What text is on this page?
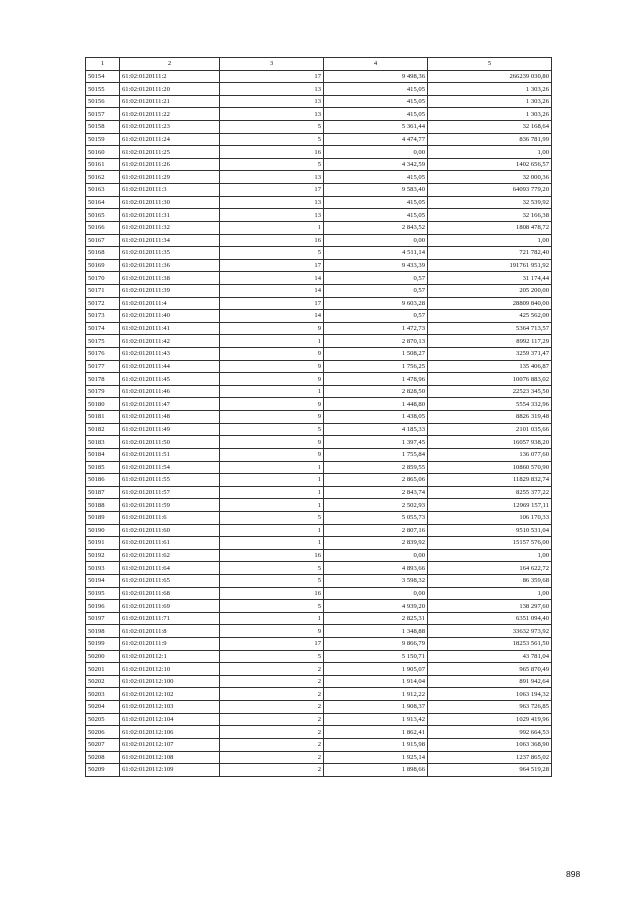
1	2	3	4	5
50154	61:02:0120111:2	17	9 498,36	266239 030,80
50155	61:02:0120111:20	13	415,05	1 303,26
50156	61:02:0120111:21	13	415,05	1 303,26
50157	61:02:0120111:22	13	415,05	1 303,26
50158	61:02:0120111:23	5	5 361,44	32 168,64
50159	61:02:0120111:24	5	4 474,77	836 781,99
50160	61:02:0120111:25	16	0,00	1,00
50161	61:02:0120111:26	5	4 342,59	1402 656,57
50162	61:02:0120111:29	13	415,05	32 000,36
50163	61:02:0120111:3	17	9 583,40	64093 779,20
50164	61:02:0120111:30	13	415,05	32 539,92
50165	61:02:0120111:31	13	415,05	32 166,38
50166	61:02:0120111:32	1	2 843,52	1808 478,72
50167	61:02:0120111:34	16	0,00	1,00
50168	61:02:0120111:35	5	4 511,14	721 782,40
50169	61:02:0120111:36	17	9 433,39	191761 951,92
50170	61:02:0120111:38	14	0,57	31 174,44
50171	61:02:0120111:39	14	0,57	205 200,00
50172	61:02:0120111:4	17	9 603,28	28809 840,00
50173	61:02:0120111:40	14	0,57	425 562,00
50174	61:02:0120111:41	9	1 472,73	5364 713,57
50175	61:02:0120111:42	1	2 870,13	8992 117,29
50176	61:02:0120111:43	9	1 508,27	3259 371,47
50177	61:02:0120111:44	9	1 756,25	135 406,87
50178	61:02:0120111:45	9	1 478,96	10076 883,02
50179	61:02:0120111:46	1	2 828,50	22523 345,50
50180	61:02:0120111:47	9	1 448,80	5554 332,96
50181	61:02:0120111:48	9	1 438,05	8826 319,48
50182	61:02:0120111:49	5	4 185,33	2101 035,66
50183	61:02:0120111:50	9	1 397,45	16057 938,20
50184	61:02:0120111:51	9	1 755,84	136 077,60
50185	61:02:0120111:54	1	2 859,55	10860 570,90
50186	61:02:0120111:55	1	2 865,06	11829 832,74
50187	61:02:0120111:57	1	2 843,74	8255 377,22
50188	61:02:0120111:59	1	2 502,93	12969 157,11
50189	61:02:0120111:6	5	5 055,73	106 170,33
50190	61:02:0120111:60	1	2 807,16	9510 531,04
50191	61:02:0120111:61	1	2 839,92	15157 576,00
50192	61:02:0120111:62	16	0,00	1,00
50193	61:02:0120111:64	5	4 893,66	164 622,72
50194	61:02:0120111:65	5	3 598,32	86 359,68
50195	61:02:0120111:68	16	0,00	1,00
50196	61:02:0120111:69	5	4 939,20	138 297,60
50197	61:02:0120111:71	1	2 825,31	6351 094,40
50198	61:02:0120111:8	9	1 348,88	33632 973,92
50199	61:02:0120111:9	17	9 866,79	18253 561,50
50200	61:02:0120112:1	5	5 150,71	43 781,04
50201	61:02:0120112:10	2	1 905,07	965 870,49
50202	61:02:0120112:100	2	1 914,04	891 942,64
50203	61:02:0120112:102	2	1 912,22	1063 194,32
50204	61:02:0120112:103	2	1 908,37	963 726,85
50205	61:02:0120112:104	2	1 913,42	1029 419,96
50206	61:02:0120112:106	2	1 862,41	992 664,53
50207	61:02:0120112:107	2	1 915,98	1063 368,90
50208	61:02:0120112:108	2	1 925,14	1237 865,02
50209	61:02:0120112:109	2	1 898,66	964 519,28
898
